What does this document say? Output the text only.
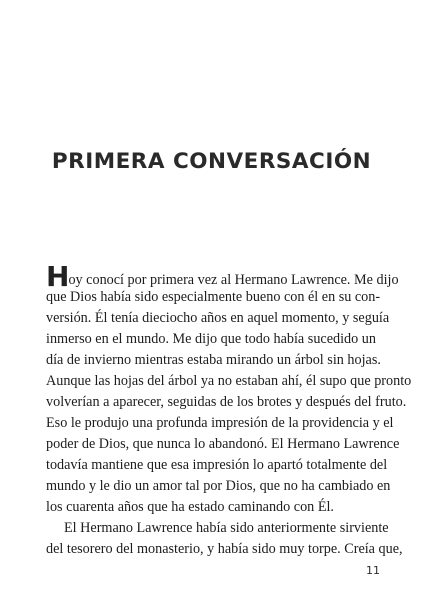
PRIMERA CONVERSACIÓN

Hoy conocí por primera vez al Hermano Lawrence. Me dijo
que Dios había sido especialmente bueno con él en su con-
versión. Él tenía dieciocho años en aquel momento, y seguía
inmerso en el mundo. Me dijo que todo había sucedido un
día de invierno mientras estaba mirando un árbol sin hojas.
Aunque las hojas del árbol ya no estaban ahí, él supo que pronto
volverían a aparecer, seguidas de los brotes y después del fruto.
Eso le produjo una profunda impresión de la providencia y el
poder de Dios, que nunca lo abandonó. El Hermano Lawrence
todavía mantiene que esa impresión lo apartó totalmente del
mundo y le dio un amor tal por Dios, que no ha cambiado en
los cuarenta años que ha estado caminando con Él.

El Hermano Lawrence había sido anteriormente sirviente
del tesorero del monasterio, y había sido muy torpe. Creía que,

11
